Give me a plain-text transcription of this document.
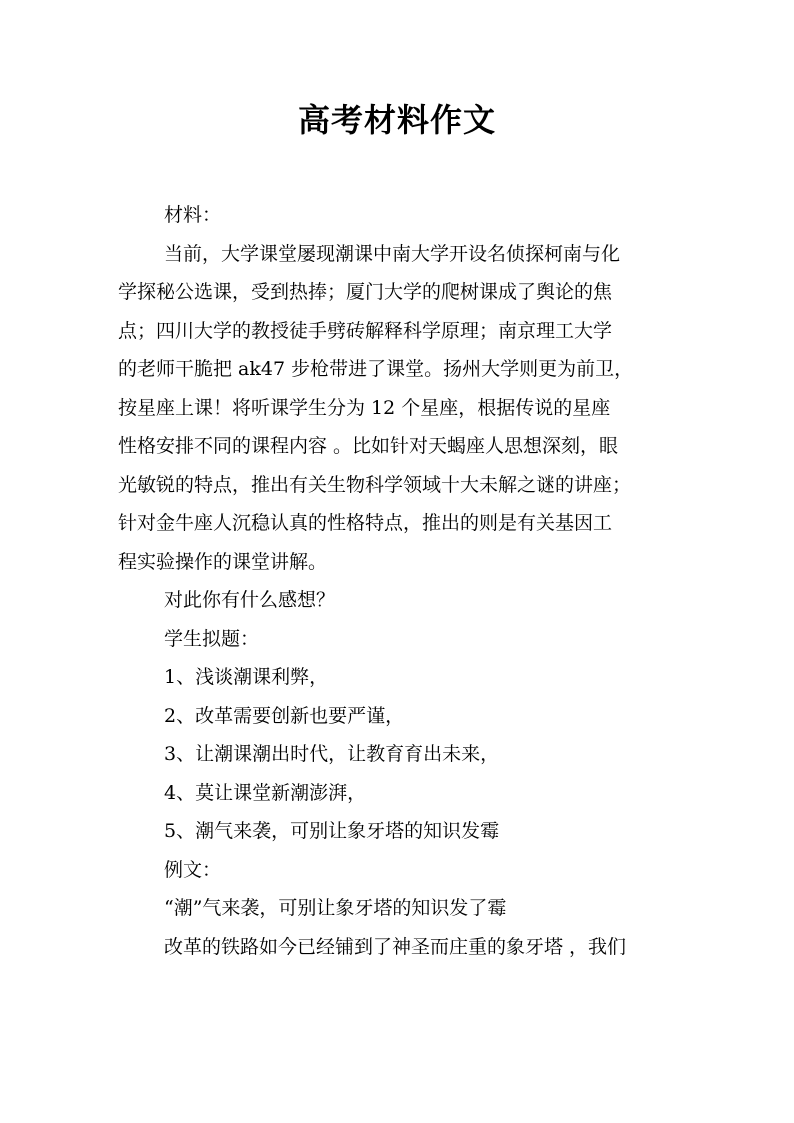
高考材料作文

材料：

当前，大学课堂屡现潮课中南大学开设名侦探柯南与化

学探秘公选课，受到热捧；厦门大学的爬树课成了舆论的焦

点；四川大学的教授徒手劈砖解释科学原理；南京理工大学

的老师干脆把 ak47 步枪带进了课堂。扬州大学则更为前卫，

按星座上课！将听课学生分为 12 个星座，根据传说的星座

性格安排不同的课程内容 。比如针对天蝎座人思想深刻，眼

光敏锐的特点，推出有关生物科学领域十大未解之谜的讲座；

针对金牛座人沉稳认真的性格特点，推出的则是有关基因工

程实验操作的课堂讲解。

对此你有什么感想？

学生拟题：

1、浅谈潮课利弊，

2、改革需要创新也要严谨，

3、让潮课潮出时代，让教育育出未来，

4、莫让课堂新潮澎湃，

5、潮气来袭，可别让象牙塔的知识发霉

例文：

“潮”气来袭，可别让象牙塔的知识发了霉

改革的铁路如今已经铺到了神圣而庄重的象牙塔 ，我们
